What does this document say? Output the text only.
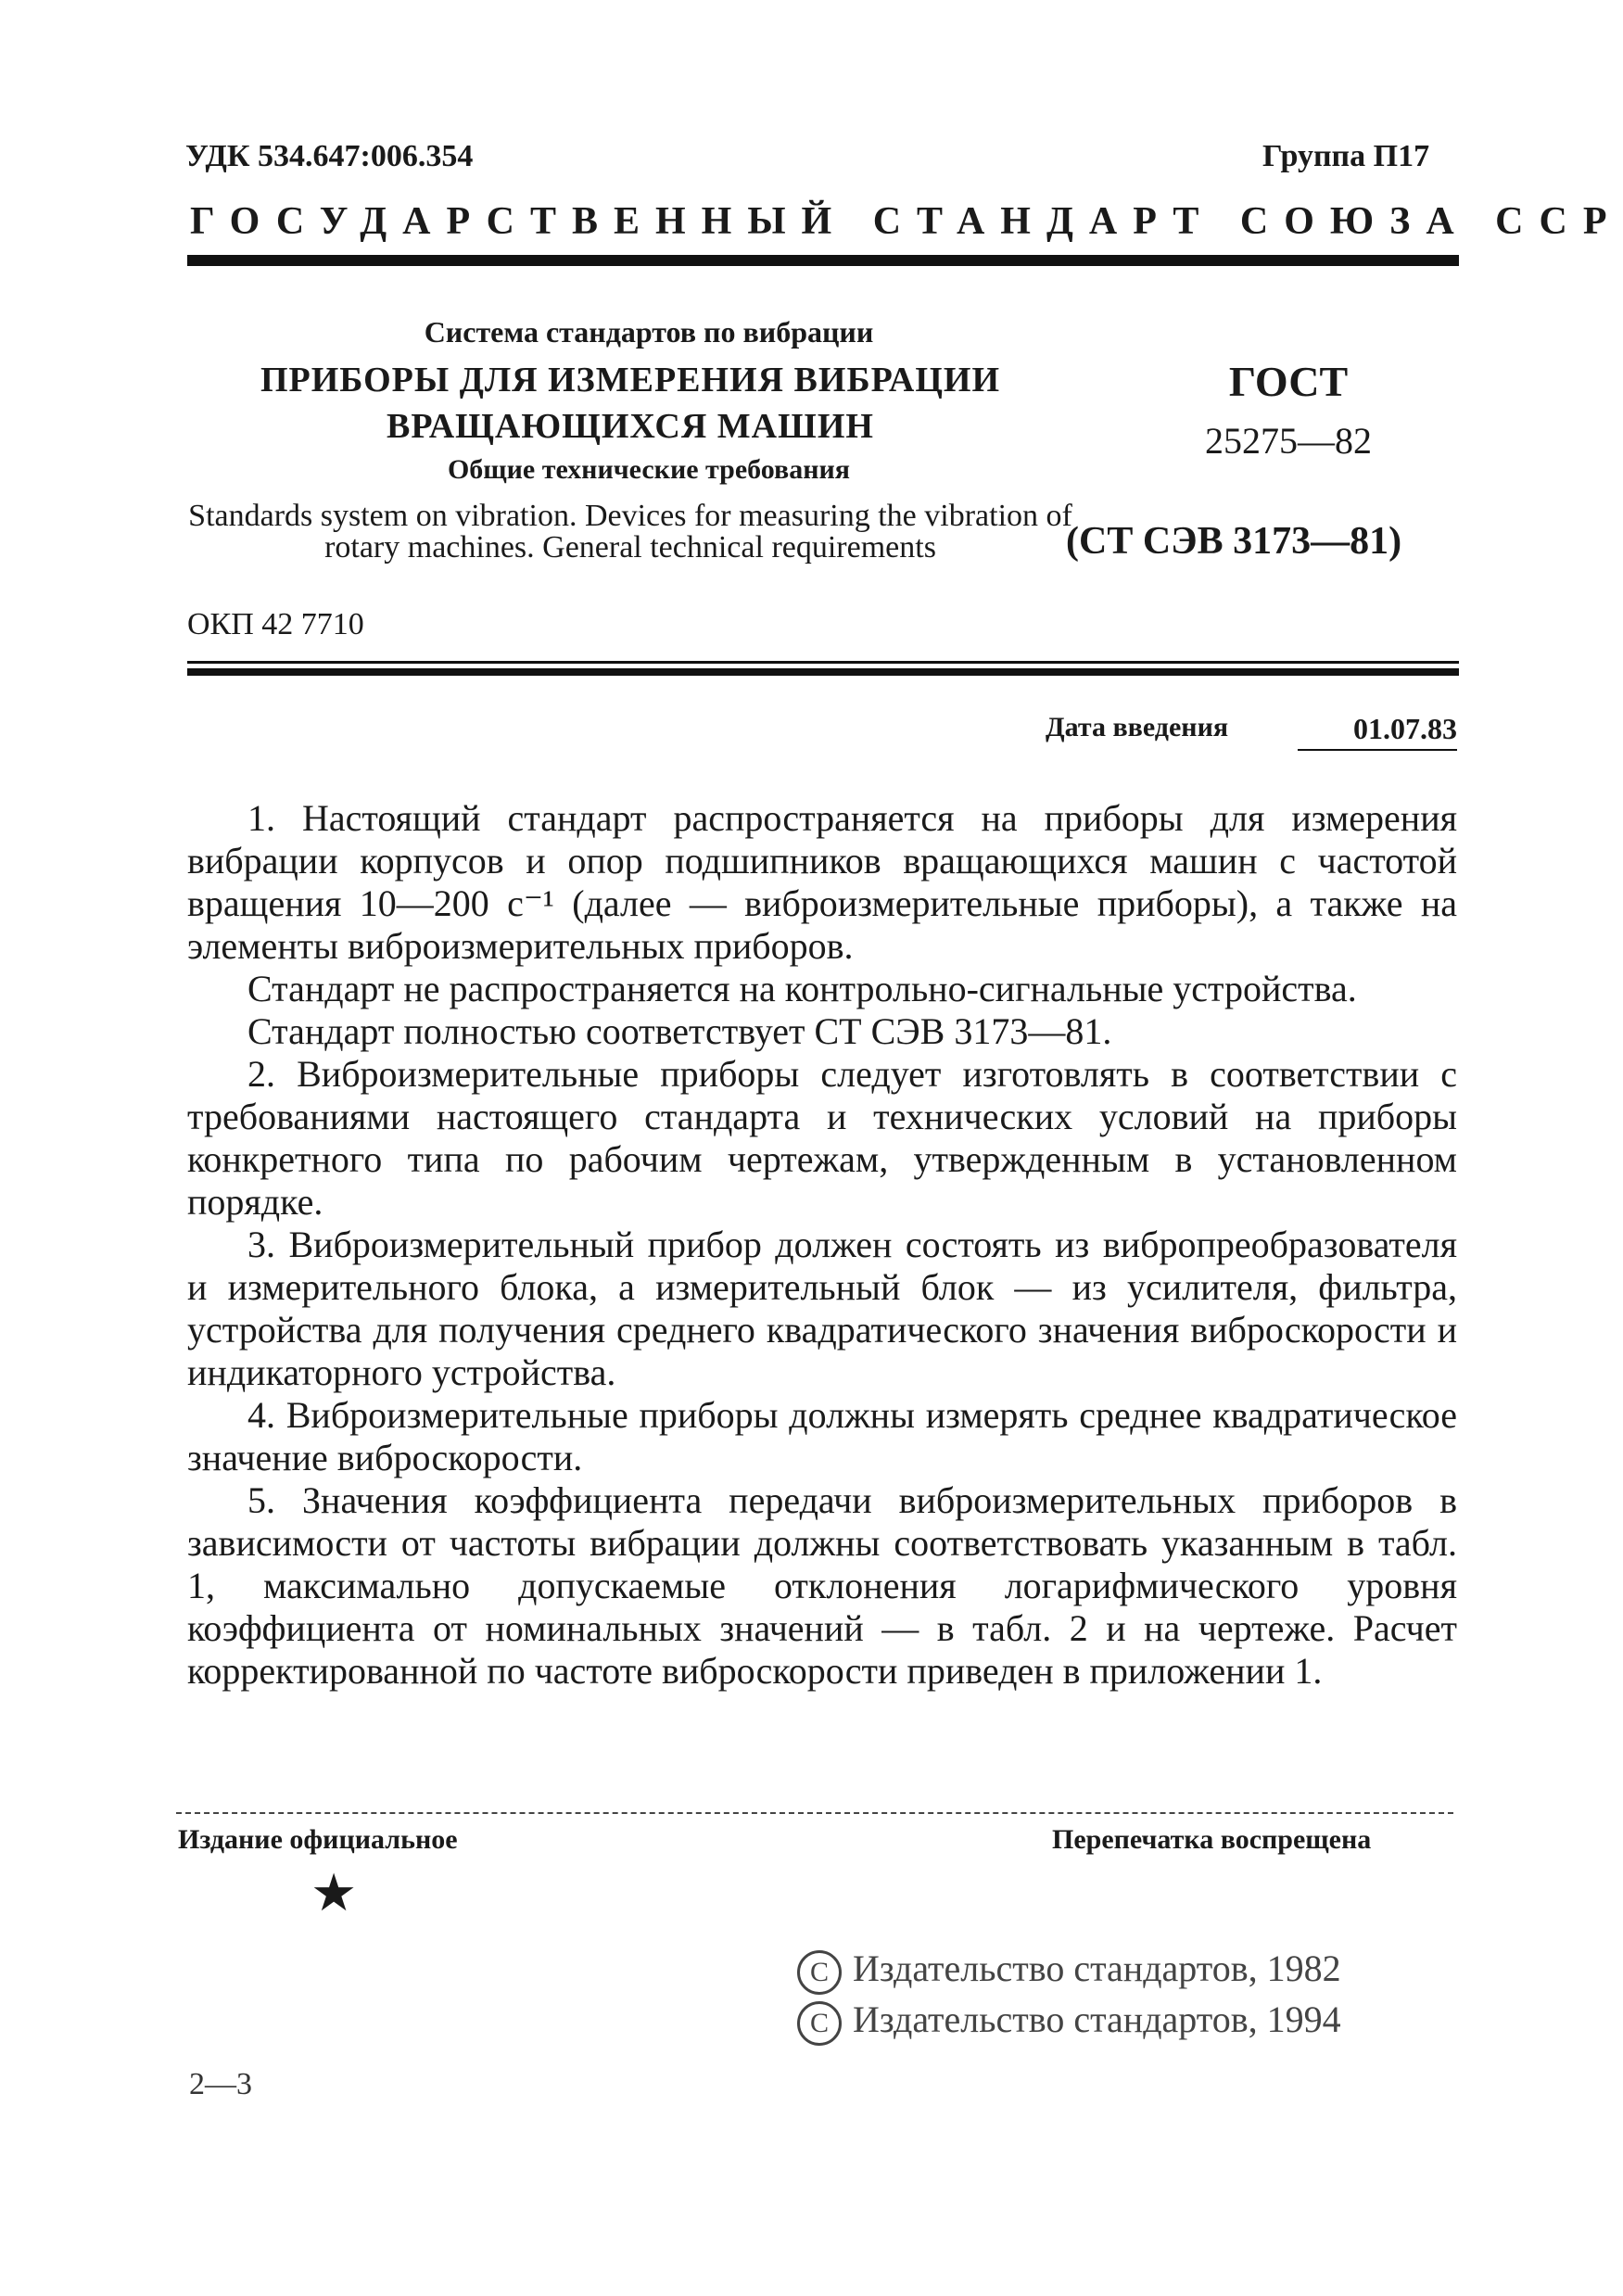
УДК 534.647:006.354	Группа П17
ГОСУДАРСТВЕННЫЙ СТАНДАРТ СОЮЗА ССР
Система стандартов по вибрации
ПРИБОРЫ ДЛЯ ИЗМЕРЕНИЯ ВИБРАЦИИ ВРАЩАЮЩИХСЯ МАШИН
Общие технические требования
ГОСТ
25275—82
Standards system on vibration. Devices for measuring the vibration of rotary machines. General technical requirements	(СТ СЭВ 3173—81)
ОКП 42 7710
Дата введения	01.07.83

1. Настоящий стандарт распространяется на приборы для измерения вибрации корпусов и опор подшипников вращающихся машин с частотой вращения 10—200 с⁻¹ (далее — виброизмерительные приборы), а также на элементы виброизмерительных приборов.

Стандарт не распространяется на контрольно-сигнальные устройства.

Стандарт полностью соответствует СТ СЭВ 3173—81.

2. Виброизмерительные приборы следует изготовлять в соответствии с требованиями настоящего стандарта и технических условий на приборы конкретного типа по рабочим чертежам, утвержденным в установленном порядке.

3. Виброизмерительный прибор должен состоять из вибропреобразователя и измерительного блока, а измерительный блок — из усилителя, фильтра, устройства для получения среднего квадратического значения виброскорости и индикаторного устройства.

4. Виброизмерительные приборы должны измерять среднее квадратическое значение виброскорости.

5. Значения коэффициента передачи виброизмерительных приборов в зависимости от частоты вибрации должны соответствовать указанным в табл. 1, максимально допускаемые отклонения логарифмического уровня коэффициента от номинальных значений — в табл. 2 и на чертеже. Расчет корректированной по частоте виброскорости приведен в приложении 1.

Издание официальное	Перепечатка воспрещена
★
С Издательство стандартов, 1982
С Издательство стандартов, 1994
2—3
